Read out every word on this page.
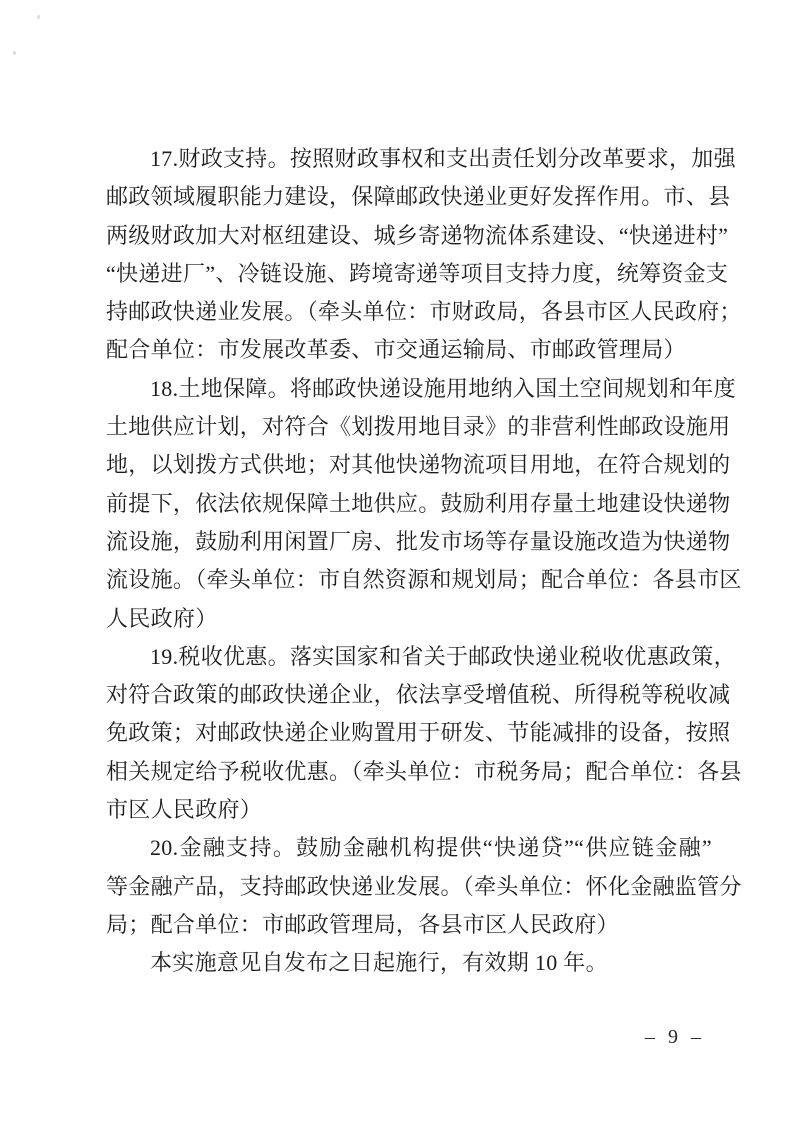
17.财政支持。按照财政事权和支出责任划分改革要求，加强
邮政领域履职能力建设，保障邮政快递业更好发挥作用。市、县
两级财政加大对枢纽建设、城乡寄递物流体系建设、“快递进村”
“快递进厂”、冷链设施、跨境寄递等项目支持力度，统筹资金支
持邮政快递业发展。（牵头单位：市财政局，各县市区人民政府；
配合单位：市发展改革委、市交通运输局、市邮政管理局）
18.土地保障。将邮政快递设施用地纳入国土空间规划和年度
土地供应计划，对符合《划拨用地目录》的非营利性邮政设施用
地，以划拨方式供地；对其他快递物流项目用地，在符合规划的
前提下，依法依规保障土地供应。鼓励利用存量土地建设快递物
流设施，鼓励利用闲置厂房、批发市场等存量设施改造为快递物
流设施。（牵头单位：市自然资源和规划局；配合单位：各县市区
人民政府）
19.税收优惠。落实国家和省关于邮政快递业税收优惠政策，
对符合政策的邮政快递企业，依法享受增值税、所得税等税收减
免政策；对邮政快递企业购置用于研发、节能减排的设备，按照
相关规定给予税收优惠。（牵头单位：市税务局；配合单位：各县
市区人民政府）
20.金融支持。鼓励金融机构提供“快递贷”“供应链金融”
等金融产品，支持邮政快递业发展。（牵头单位：怀化金融监管分
局；配合单位：市邮政管理局，各县市区人民政府）
本实施意见自发布之日起施行，有效期 10 年。
– 9 –
